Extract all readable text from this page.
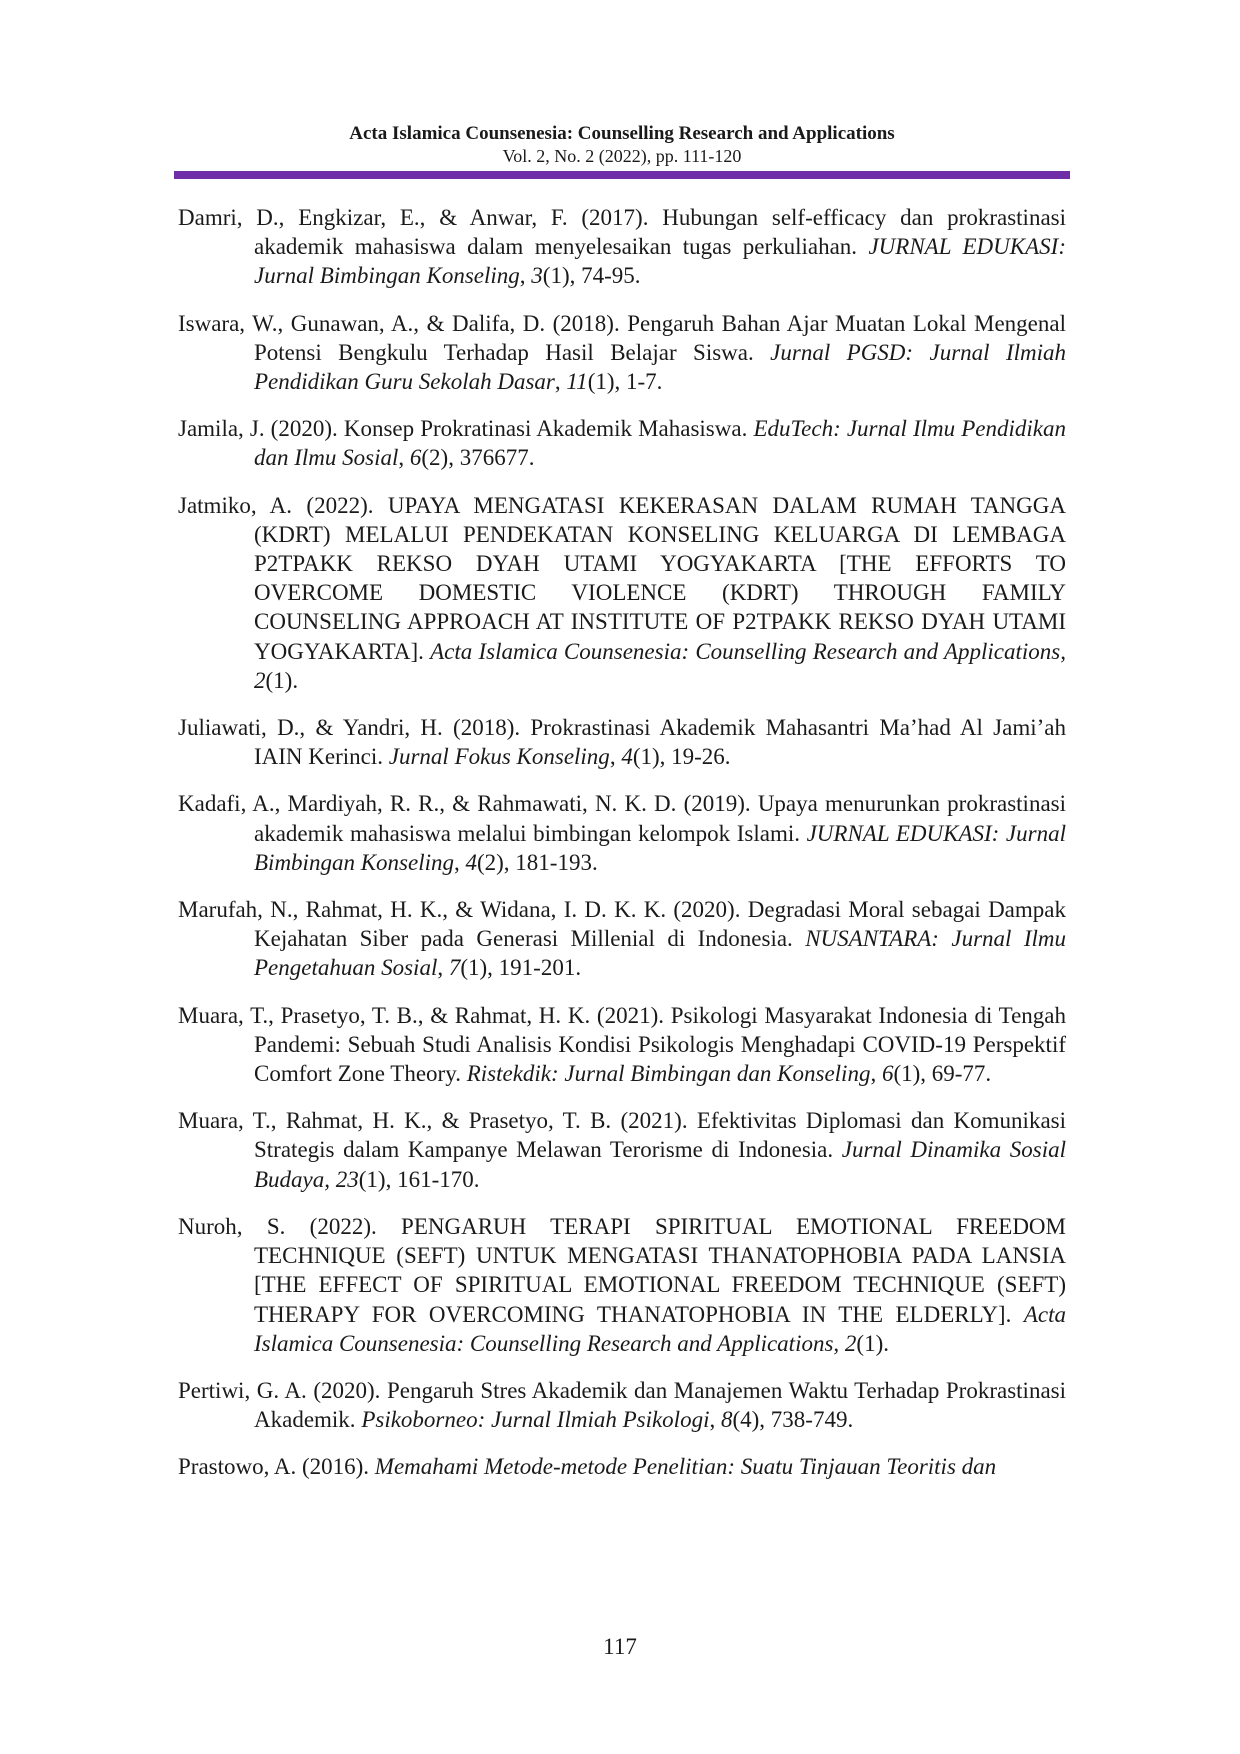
Acta Islamica Counsenesia: Counselling Research and Applications
Vol. 2, No. 2 (2022), pp. 111-120

Damri, D., Engkizar, E., & Anwar, F. (2017). Hubungan self-efficacy dan prokrastinasi akademik mahasiswa dalam menyelesaikan tugas perkuliahan. JURNAL EDUKASI: Jurnal Bimbingan Konseling, 3(1), 74-95.

Iswara, W., Gunawan, A., & Dalifa, D. (2018). Pengaruh Bahan Ajar Muatan Lokal Mengenal Potensi Bengkulu Terhadap Hasil Belajar Siswa. Jurnal PGSD: Jurnal Ilmiah Pendidikan Guru Sekolah Dasar, 11(1), 1-7.

Jamila, J. (2020). Konsep Prokratinasi Akademik Mahasiswa. EduTech: Jurnal Ilmu Pendidikan dan Ilmu Sosial, 6(2), 376677.

Jatmiko, A. (2022). UPAYA MENGATASI KEKERASAN DALAM RUMAH TANGGA (KDRT) MELALUI PENDEKATAN KONSELING KELUARGA DI LEMBAGA P2TPAKK REKSO DYAH UTAMI YOGYAKARTA [THE EFFORTS TO OVERCOME DOMESTIC VIOLENCE (KDRT) THROUGH FAMILY COUNSELING APPROACH AT INSTITUTE OF P2TPAKK REKSO DYAH UTAMI YOGYAKARTA]. Acta Islamica Counsenesia: Counselling Research and Applications, 2(1).

Juliawati, D., & Yandri, H. (2018). Prokrastinasi Akademik Mahasantri Ma’had Al Jami’ah IAIN Kerinci. Jurnal Fokus Konseling, 4(1), 19-26.

Kadafi, A., Mardiyah, R. R., & Rahmawati, N. K. D. (2019). Upaya menurunkan prokrastinasi akademik mahasiswa melalui bimbingan kelompok Islami. JURNAL EDUKASI: Jurnal Bimbingan Konseling, 4(2), 181-193.

Marufah, N., Rahmat, H. K., & Widana, I. D. K. K. (2020). Degradasi Moral sebagai Dampak Kejahatan Siber pada Generasi Millenial di Indonesia. NUSANTARA: Jurnal Ilmu Pengetahuan Sosial, 7(1), 191-201.

Muara, T., Prasetyo, T. B., & Rahmat, H. K. (2021). Psikologi Masyarakat Indonesia di Tengah Pandemi: Sebuah Studi Analisis Kondisi Psikologis Menghadapi COVID-19 Perspektif Comfort Zone Theory. Ristekdik: Jurnal Bimbingan dan Konseling, 6(1), 69-77.

Muara, T., Rahmat, H. K., & Prasetyo, T. B. (2021). Efektivitas Diplomasi dan Komunikasi Strategis dalam Kampanye Melawan Terorisme di Indonesia. Jurnal Dinamika Sosial Budaya, 23(1), 161-170.

Nuroh, S. (2022). PENGARUH TERAPI SPIRITUAL EMOTIONAL FREEDOM TECHNIQUE (SEFT) UNTUK MENGATASI THANATOPHOBIA PADA LANSIA [THE EFFECT OF SPIRITUAL EMOTIONAL FREEDOM TECHNIQUE (SEFT) THERAPY FOR OVERCOMING THANATOPHOBIA IN THE ELDERLY]. Acta Islamica Counsenesia: Counselling Research and Applications, 2(1).

Pertiwi, G. A. (2020). Pengaruh Stres Akademik dan Manajemen Waktu Terhadap Prokrastinasi Akademik. Psikoborneo: Jurnal Ilmiah Psikologi, 8(4), 738-749.

Prastowo, A. (2016). Memahami Metode-metode Penelitian: Suatu Tinjauan Teoritis dan

117
